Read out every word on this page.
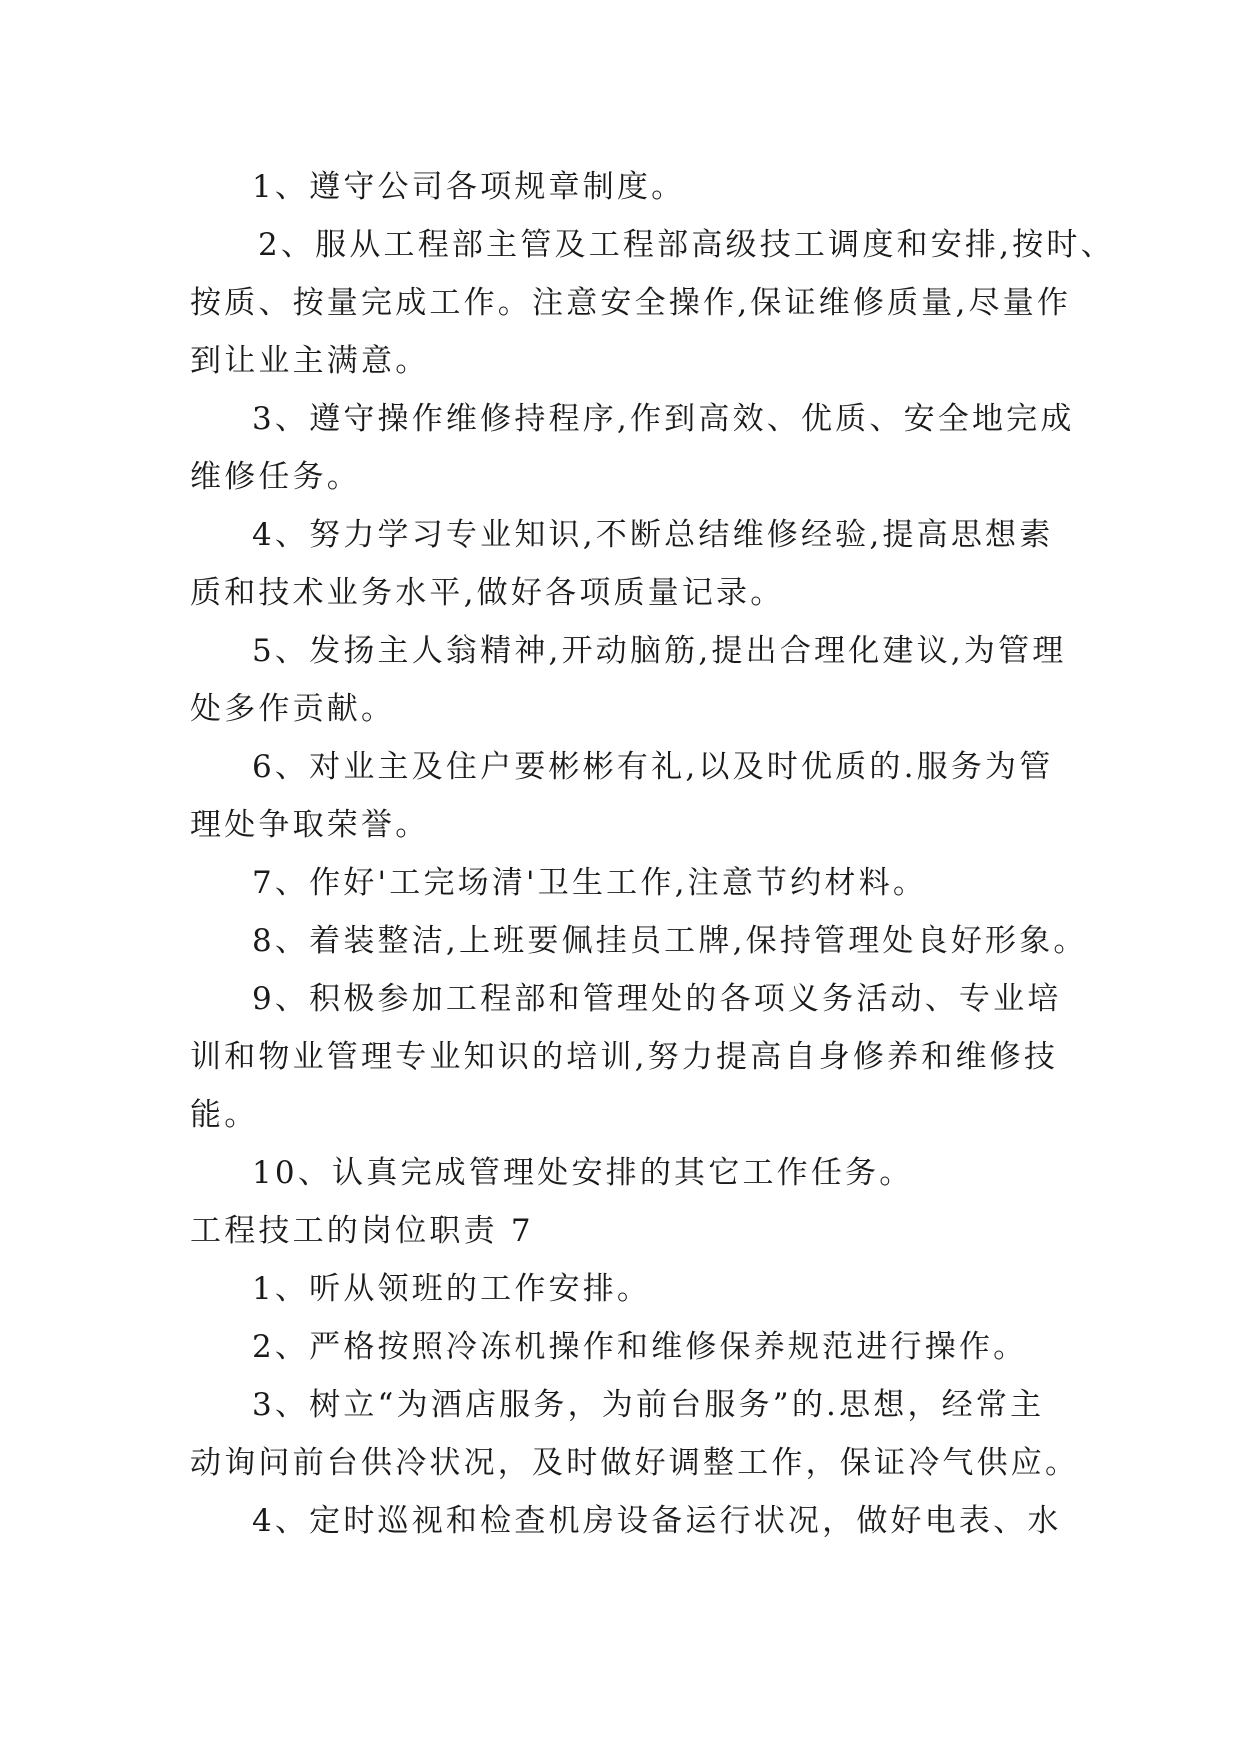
1、遵守公司各项规章制度。
2、服从工程部主管及工程部高级技工调度和安排,按时、
按质、按量完成工作。注意安全操作,保证维修质量,尽量作
到让业主满意。
3、遵守操作维修持程序,作到高效、优质、安全地完成
维修任务。
4、努力学习专业知识,不断总结维修经验,提高思想素
质和技术业务水平,做好各项质量记录。
5、发扬主人翁精神,开动脑筋,提出合理化建议,为管理
处多作贡献。
6、对业主及住户要彬彬有礼,以及时优质的.服务为管
理处争取荣誉。
7、作好'工完场清'卫生工作,注意节约材料。
8、着装整洁,上班要佩挂员工牌,保持管理处良好形象。
9、积极参加工程部和管理处的各项义务活动、专业培
训和物业管理专业知识的培训,努力提高自身修养和维修技
能。
10、认真完成管理处安排的其它工作任务。
工程技工的岗位职责 7
1、听从领班的工作安排。
2、严格按照冷冻机操作和维修保养规范进行操作。
3、树立“为酒店服务，为前台服务”的.思想，经常主
动询问前台供冷状况，及时做好调整工作，保证冷气供应。
4、定时巡视和检查机房设备运行状况，做好电表、水
